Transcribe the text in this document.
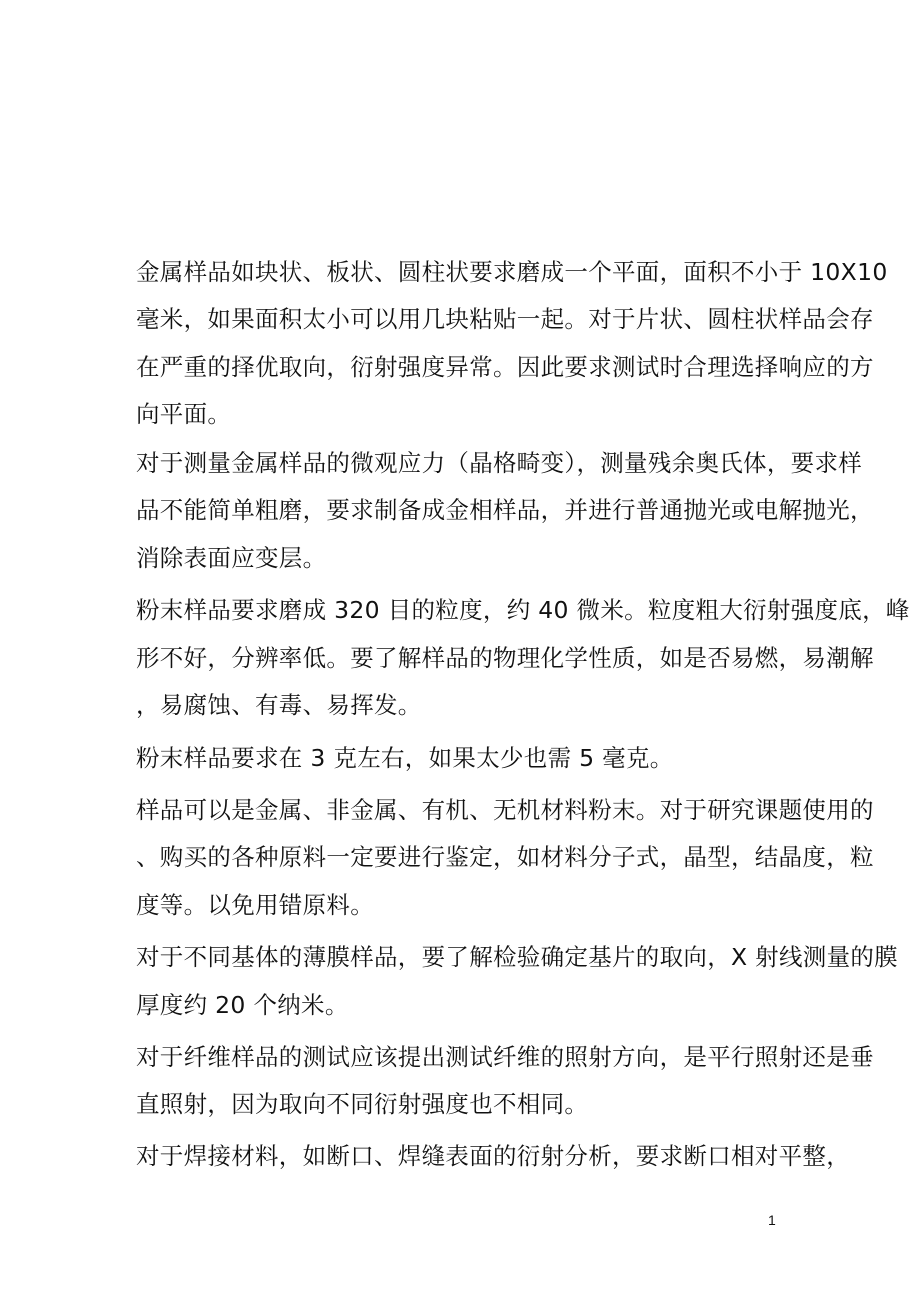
金属样品如块状、板状、圆柱状要求磨成一个平面，面积不小于 10X10
毫米，如果面积太小可以用几块粘贴一起。对于片状、圆柱状样品会存
在严重的择优取向，衍射强度异常。因此要求测试时合理选择响应的方
向平面。
对于测量金属样品的微观应力（晶格畸变），测量残余奥氏体，要求样
品不能简单粗磨，要求制备成金相样品，并进行普通抛光或电解抛光，
消除表面应变层。
粉末样品要求磨成 320 目的粒度，约 40 微米。粒度粗大衍射强度底，峰
形不好，分辨率低。要了解样品的物理化学性质，如是否易燃，易潮解
，易腐蚀、有毒、易挥发。
粉末样品要求在 3 克左右，如果太少也需 5 毫克。
样品可以是金属、非金属、有机、无机材料粉末。对于研究课题使用的
、购买的各种原料一定要进行鉴定，如材料分子式，晶型，结晶度，粒
度等。以免用错原料。
对于不同基体的薄膜样品，要了解检验确定基片的取向，X 射线测量的膜
厚度约 20 个纳米。
对于纤维样品的测试应该提出测试纤维的照射方向，是平行照射还是垂
直照射，因为取向不同衍射强度也不相同。
对于焊接材料，如断口、焊缝表面的衍射分析，要求断口相对平整，
1
